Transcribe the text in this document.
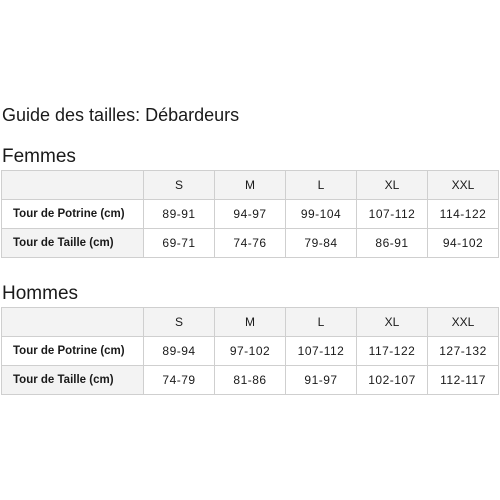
Guide des tailles: Débardeurs
Femmes
	S	M	L	XL	XXL
Tour de Potrine (cm)	89-91	94-97	99-104	107-112	114-122
Tour de Taille (cm)	69-71	74-76	79-84	86-91	94-102
Hommes
	S	M	L	XL	XXL
Tour de Potrine (cm)	89-94	97-102	107-112	117-122	127-132
Tour de Taille (cm)	74-79	81-86	91-97	102-107	112-117
